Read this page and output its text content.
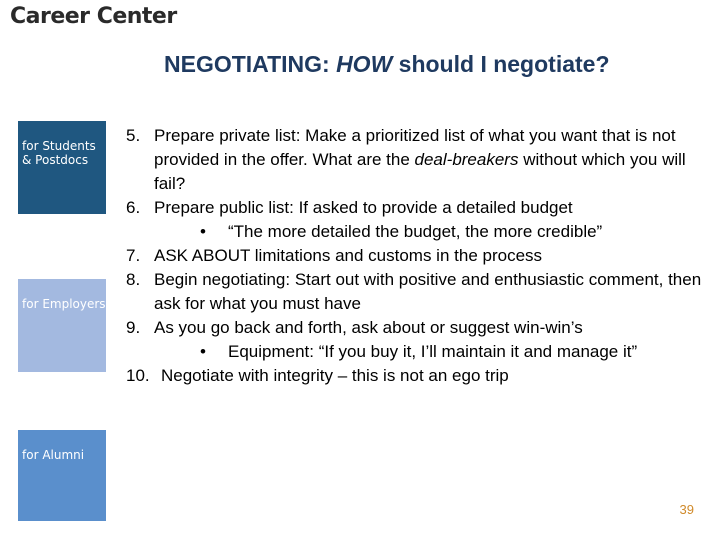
Career Center

for Students
& Postdocs

for Employers

for Alumni

NEGOTIATING: HOW should I negotiate?
5. Prepare private list: Make a prioritized list of what you want that is not provided in the offer. What are the deal-breakers without which you will fail?

6. Prepare public list: If asked to provide a detailed budget

•	“The more detailed the budget, the more credible”

7. ASK ABOUT limitations and customs in the process

8. Begin negotiating: Start out with positive and enthusiastic comment, then ask for what you must have

9. As you go back and forth, ask about or suggest win-win’s

•	Equipment: “If you buy it, I’ll maintain it and manage it”

10. Negotiate with integrity – this is not an ego trip

39
